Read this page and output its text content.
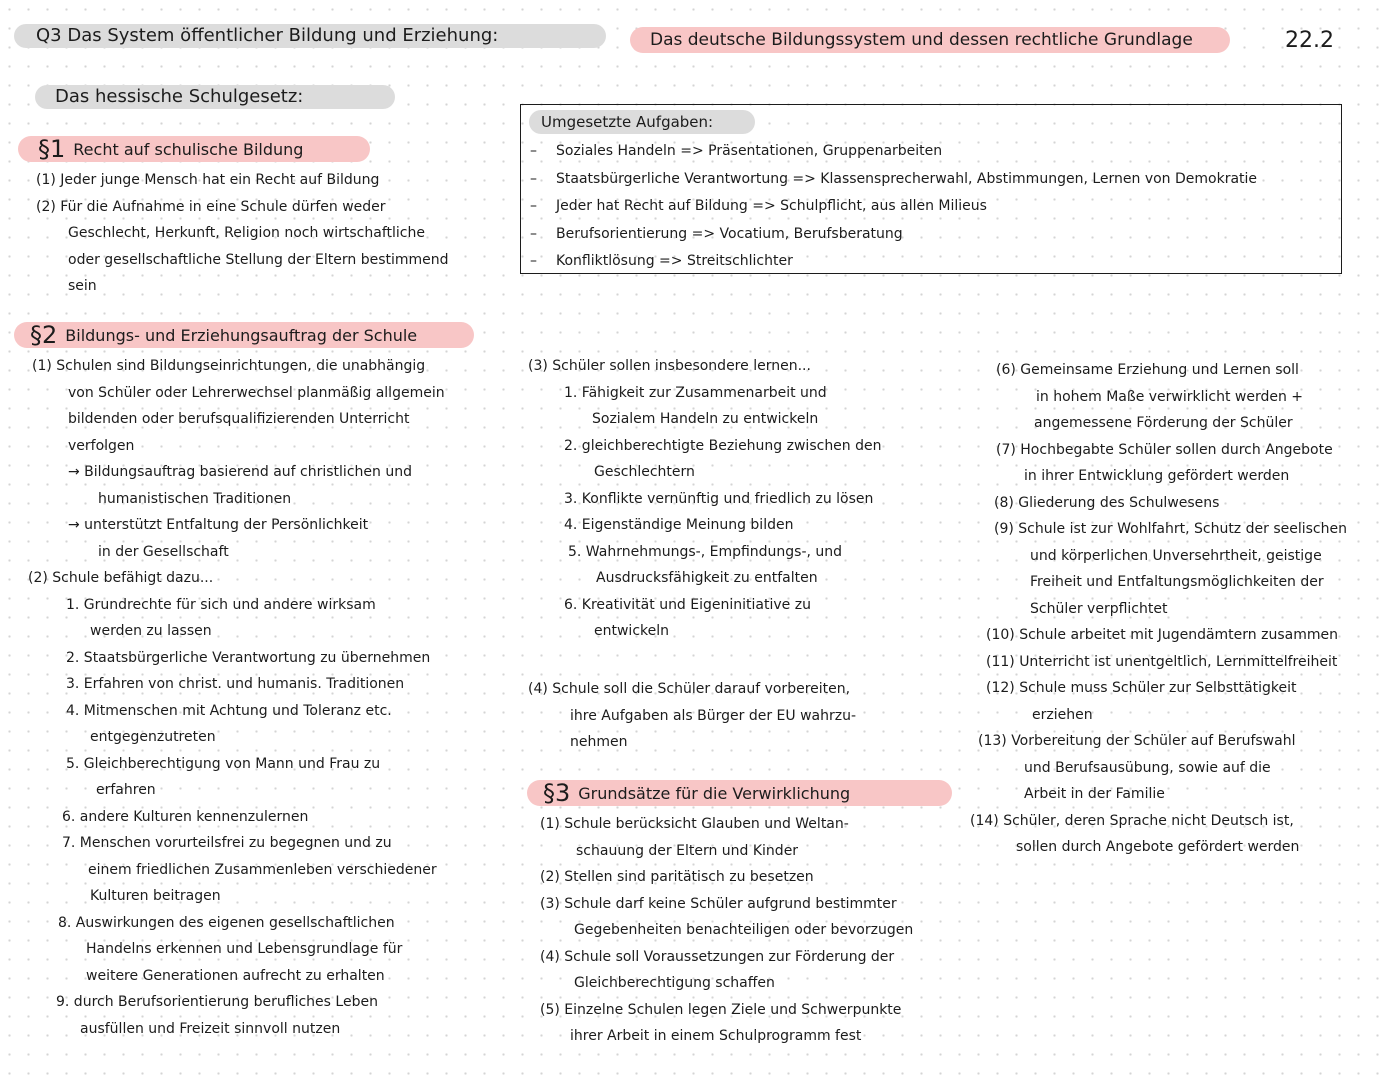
Q3 Das System öffentlicher Bildung und Erziehung:	Das deutsche Bildungssystem und dessen rechtliche Grundlage	22.2
Das hessische Schulgesetz:
Umgesetzte Aufgaben:

– Soziales Handeln => Präsentationen, Gruppenarbeiten

– Staatsbürgerliche Verantwortung => Klassensprecherwahl, Abstimmungen, Lernen von Demokratie

– Jeder hat Recht auf Bildung => Schulpflicht, aus allen Milieus

– Berufsorientierung => Vocatium, Berufsberatung

– Konfliktlösung => Streitschlichter

§1 Recht auf schulische Bildung

(1) Jeder junge Mensch hat ein Recht auf Bildung

(2) Für die Aufnahme in eine Schule dürfen weder

Geschlecht, Herkunft, Religion noch wirtschaftliche

oder gesellschaftliche Stellung der Eltern bestimmend

sein

§2 Bildungs- und Erziehungsauftrag der Schule

(1) Schulen sind Bildungseinrichtungen, die unabhängig

von Schüler oder Lehrerwechsel planmäßig allgemein

bildenden oder berufsqualifizierenden Unterricht

verfolgen

→ Bildungsauftrag basierend auf christlichen und

humanistischen Traditionen

→ unterstützt Entfaltung der Persönlichkeit

in der Gesellschaft

(2) Schule befähigt dazu...

1. Grundrechte für sich und andere wirksam

werden zu lassen

2. Staatsbürgerliche Verantwortung zu übernehmen

3. Erfahren von christ. und humanis. Traditionen

4. Mitmenschen mit Achtung und Toleranz etc.

entgegenzutreten

5. Gleichberechtigung von Mann und Frau zu

erfahren

6. andere Kulturen kennenzulernen

7. Menschen vorurteilsfrei zu begegnen und zu

einem friedlichen Zusammenleben verschiedener

Kulturen beitragen

8. Auswirkungen des eigenen gesellschaftlichen

Handelns erkennen und Lebensgrundlage für

weitere Generationen aufrecht zu erhalten

9. durch Berufsorientierung berufliches Leben

ausfüllen und Freizeit sinnvoll nutzen

(3) Schüler sollen insbesondere lernen...

1. Fähigkeit zur Zusammenarbeit und

Sozialem Handeln zu entwickeln

2. gleichberechtigte Beziehung zwischen den

Geschlechtern

3. Konflikte vernünftig und friedlich zu lösen

4. Eigenständige Meinung bilden

5. Wahrnehmungs-, Empfindungs-, und

Ausdrucksfähigkeit zu entfalten

6. Kreativität und Eigeninitiative zu

entwickeln

(4) Schule soll die Schüler darauf vorbereiten,

ihre Aufgaben als Bürger der EU wahrzu-

nehmen

(6) Gemeinsame Erziehung und Lernen soll

in hohem Maße verwirklicht werden +

angemessene Förderung der Schüler

(7) Hochbegabte Schüler sollen durch Angebote

in ihrer Entwicklung gefördert werden

(8) Gliederung des Schulwesens

(9) Schule ist zur Wohlfahrt, Schutz der seelischen

und körperlichen Unversehrtheit, geistige

Freiheit und Entfaltungsmöglichkeiten der

Schüler verpflichtet

(10) Schule arbeitet mit Jugendämtern zusammen

(11) Unterricht ist unentgeltlich, Lernmittelfreiheit

(12) Schule muss Schüler zur Selbsttätigkeit

erziehen

(13) Vorbereitung der Schüler auf Berufswahl

und Berufsausübung, sowie auf die

Arbeit in der Familie

(14) Schüler, deren Sprache nicht Deutsch ist,

sollen durch Angebote gefördert werden

§3 Grundsätze für die Verwirklichung

(1) Schule berücksicht Glauben und Weltan-

schauung der Eltern und Kinder

(2) Stellen sind paritätisch zu besetzen

(3) Schule darf keine Schüler aufgrund bestimmter

Gegebenheiten benachteiligen oder bevorzugen

(4) Schule soll Voraussetzungen zur Förderung der

Gleichberechtigung schaffen

(5) Einzelne Schulen legen Ziele und Schwerpunkte

ihrer Arbeit in einem Schulprogramm fest
